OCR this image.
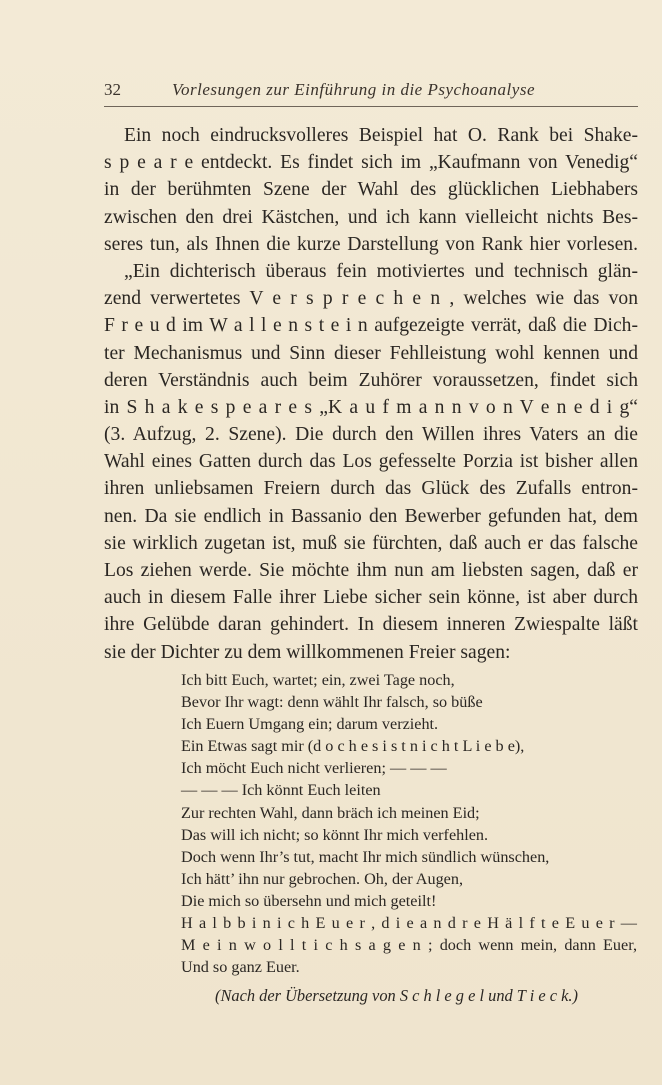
32	Vorlesungen zur Einführung in die Psychoanalyse
Ein noch eindrucksvolleres Beispiel hat O. Rank bei Shake-
s p e a r e entdeckt. Es findet sich im „Kaufmann von Venedig“
in der berühmten Szene der Wahl des glücklichen Liebhabers
zwischen den drei Kästchen, und ich kann vielleicht nichts Bes-
seres tun, als Ihnen die kurze Darstellung von Rank hier vorlesen.
„Ein dichterisch überaus fein motiviertes und technisch glän-
zend verwertetes V e r s p r e c h e n , welches wie das von
F r e u d im W a l l e n s t e i n aufgezeigte verrät, daß die Dich-
ter Mechanismus und Sinn dieser Fehlleistung wohl kennen und
deren Verständnis auch beim Zuhörer voraussetzen, findet sich
in S h a k e s p e a r e s „K a u f m a n n v o n V e n e d i g“
(3. Aufzug, 2. Szene). Die durch den Willen ihres Vaters an die
Wahl eines Gatten durch das Los gefesselte Porzia ist bisher allen
ihren unliebsamen Freiern durch das Glück des Zufalls entron-
nen. Da sie endlich in Bassanio den Bewerber gefunden hat, dem
sie wirklich zugetan ist, muß sie fürchten, daß auch er das falsche
Los ziehen werde. Sie möchte ihm nun am liebsten sagen, daß er
auch in diesem Falle ihrer Liebe sicher sein könne, ist aber durch
ihre Gelübde daran gehindert. In diesem inneren Zwiespalte läßt
sie der Dichter zu dem willkommenen Freier sagen:
Ich bitt Euch, wartet; ein, zwei Tage noch,
Bevor Ihr wagt: denn wählt Ihr falsch, so büße
Ich Euern Umgang ein; darum verzieht.
Ein Etwas sagt mir (d o c h e s i s t n i c h t L i e b e),
Ich möcht Euch nicht verlieren; — — —
— — — Ich könnt Euch leiten
Zur rechten Wahl, dann bräch ich meinen Eid;
Das will ich nicht; so könnt Ihr mich verfehlen.
Doch wenn Ihr’s tut, macht Ihr mich sündlich wünschen,
Ich hätt’ ihn nur gebrochen. Oh, der Augen,
Die mich so übersehn und mich geteilt!
H a l b b i n i c h E u e r , d i e a n d r e H ä l f t e E u e r —
M e i n w o l l t i c h s a g e n ; doch wenn mein, dann Euer,
Und so ganz Euer.
(Nach der Übersetzung von S c h l e g e l und T i e c k.)
